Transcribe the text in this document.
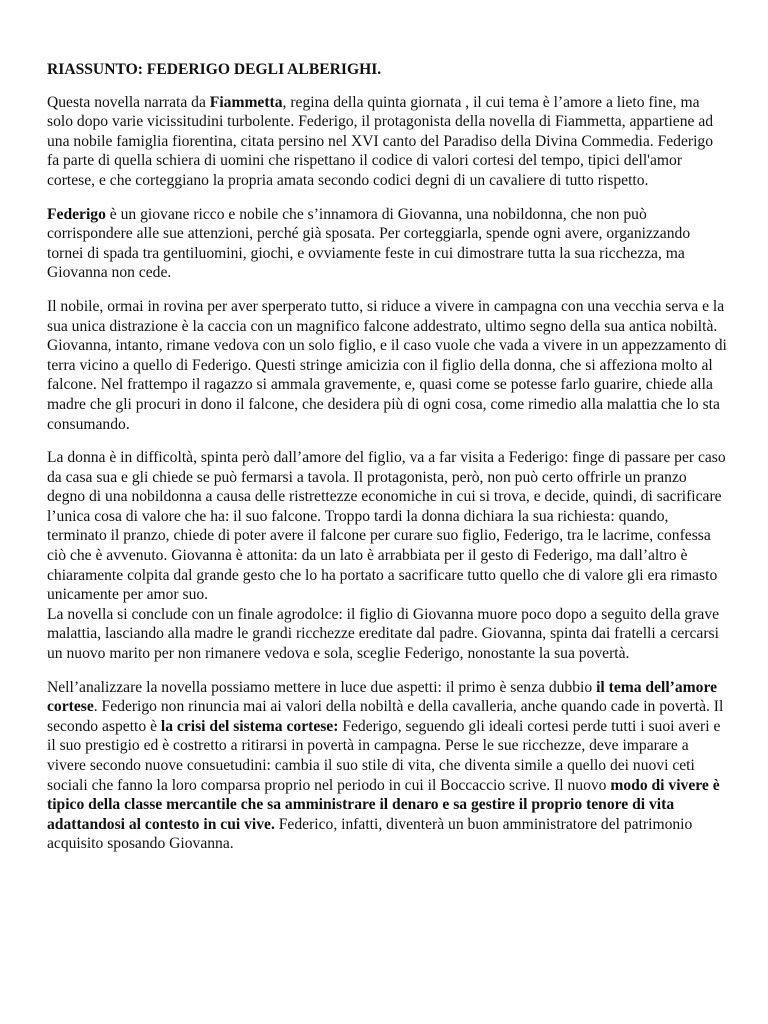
RIASSUNTO: FEDERIGO DEGLI ALBERIGHI.

Questa novella narrata da Fiammetta, regina della quinta giornata , il cui tema è l’amore a lieto fine, ma solo dopo varie vicissitudini turbolente. Federigo, il protagonista della novella di Fiammetta, appartiene ad una nobile famiglia fiorentina, citata persino nel XVI canto del Paradiso della Divina Commedia. Federigo fa parte di quella schiera di uomini che rispettano il codice di valori cortesi del tempo, tipici dell'amor cortese, e che corteggiano la propria amata secondo codici degni di un cavaliere di tutto rispetto.

Federigo è un giovane ricco e nobile che s’innamora di Giovanna, una nobildonna, che non può corrispondere alle sue attenzioni, perché già sposata. Per corteggiarla, spende ogni avere, organizzando tornei di spada tra gentiluomini, giochi, e ovviamente feste in cui dimostrare tutta la sua ricchezza, ma Giovanna non cede.

Il nobile, ormai in rovina per aver sperperato tutto, si riduce a vivere in campagna con una vecchia serva e la sua unica distrazione è la caccia con un magnifico falcone addestrato, ultimo segno della sua antica nobiltà. Giovanna, intanto, rimane vedova con un solo figlio, e il caso vuole che vada a vivere in un appezzamento di terra vicino a quello di Federigo. Questi stringe amicizia con il figlio della donna, che si affeziona molto al falcone. Nel frattempo il ragazzo si ammala gravemente, e, quasi come se potesse farlo guarire, chiede alla madre che gli procuri in dono il falcone, che desidera più di ogni cosa, come rimedio alla malattia che lo sta consumando.

La donna è in difficoltà, spinta però dall’amore del figlio, va a far visita a Federigo: finge di passare per caso da casa sua e gli chiede se può fermarsi a tavola. Il protagonista, però, non può certo offrirle un pranzo degno di una nobildonna a causa delle ristrettezze economiche in cui si trova, e decide, quindi, di sacrificare l’unica cosa di valore che ha: il suo falcone. Troppo tardi la donna dichiara la sua richiesta: quando, terminato il pranzo, chiede di poter avere il falcone per curare suo figlio, Federigo, tra le lacrime, confessa ciò che è avvenuto. Giovanna è attonita: da un lato è arrabbiata per il gesto di Federigo, ma dall’altro è chiaramente colpita dal grande gesto che lo ha portato a sacrificare tutto quello che di valore gli era rimasto unicamente per amor suo.

La novella si conclude con un finale agrodolce: il figlio di Giovanna muore poco dopo a seguito della grave malattia, lasciando alla madre le grandi ricchezze ereditate dal padre. Giovanna, spinta dai fratelli a cercarsi un nuovo marito per non rimanere vedova e sola, sceglie Federigo, nonostante la sua povertà.

Nell’analizzare la novella possiamo mettere in luce due aspetti: il primo è senza dubbio il tema dell’amore cortese. Federigo non rinuncia mai ai valori della nobiltà e della cavalleria, anche quando cade in povertà. Il secondo aspetto è la crisi del sistema cortese: Federigo, seguendo gli ideali cortesi perde tutti i suoi averi e il suo prestigio ed è costretto a ritirarsi in povertà in campagna. Perse le sue ricchezze, deve imparare a vivere secondo nuove consuetudini: cambia il suo stile di vita, che diventa simile a quello dei nuovi ceti sociali che fanno la loro comparsa proprio nel periodo in cui il Boccaccio scrive. Il nuovo modo di vivere è tipico della classe mercantile che sa amministrare il denaro e sa gestire il proprio tenore di vita adattandosi al contesto in cui vive. Federico, infatti, diventerà un buon amministratore del patrimonio acquisito sposando Giovanna.
